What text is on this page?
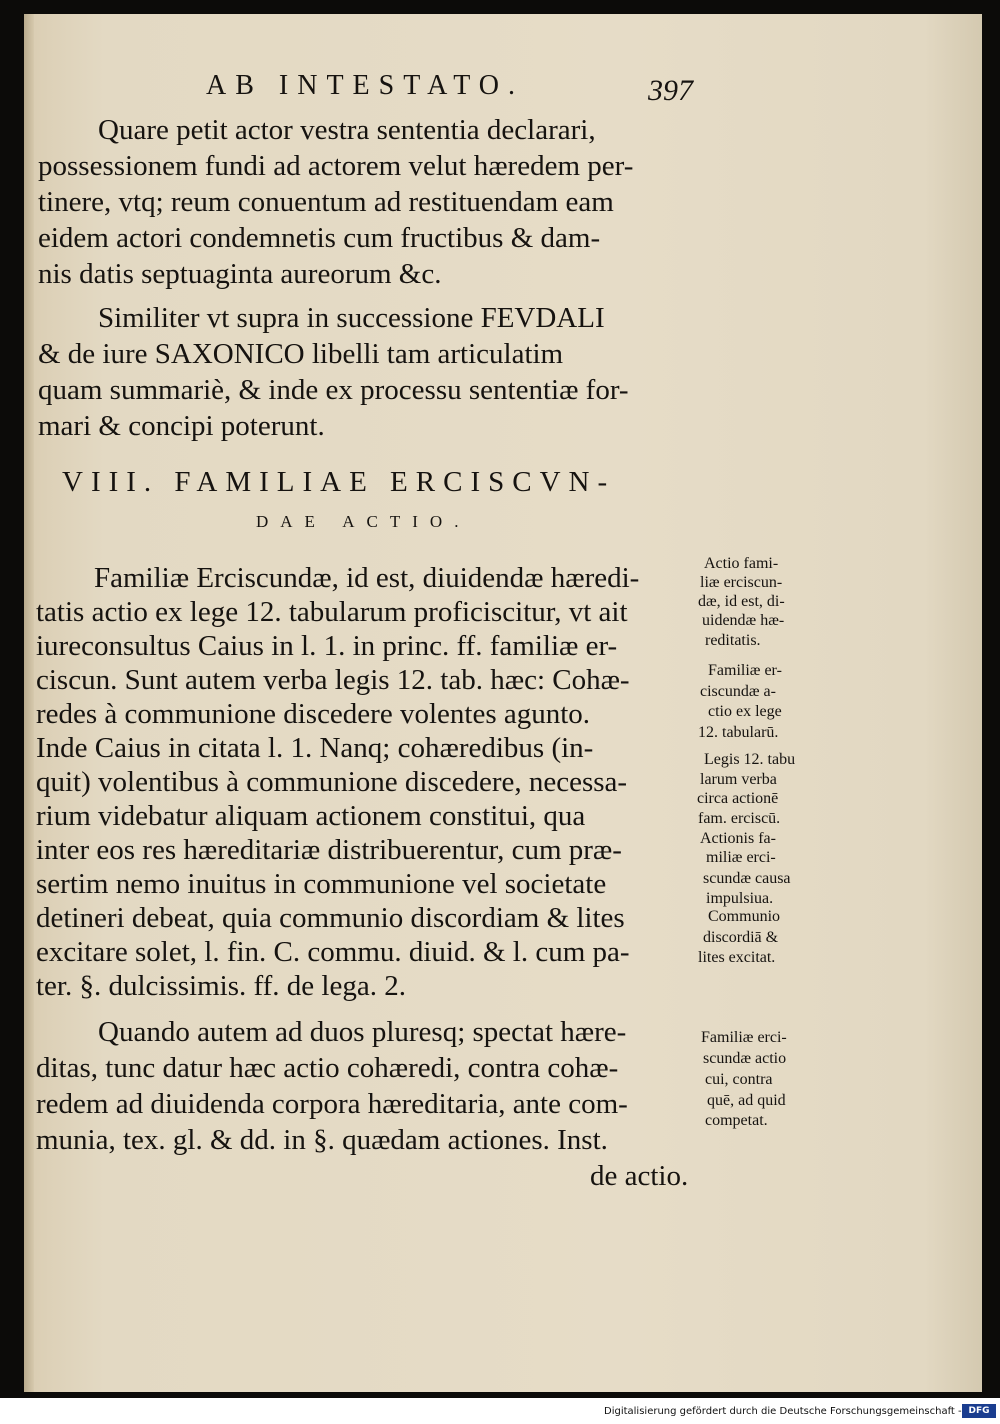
AB INTESTATO.	397
Quare petit actor vestra sententia declarari,
possessionem fundi ad actorem velut hæredem per-
tinere, vtq; reum conuentum ad restituendam eam
eidem actori condemnetis cum fructibus & dam-
nis datis septuaginta aureorum &c.
Similiter vt supra in successione FEVDALI
& de iure SAXONICO libelli tam articulatim
quam summariè, & inde ex processu sententiæ for-
mari & concipi poterunt.
VIII. FAMILIAE ERCISCVN-
DAE ACTIO.
Familiæ Erciscundæ, id est, diuidendæ hæredi-
tatis actio ex lege 12. tabularum proficiscitur, vt ait
iureconsultus Caius in l. 1. in princ. ff. familiæ er-
ciscun. Sunt autem verba legis 12. tab. hæc: Cohæ-
redes à communione discedere volentes agunto.
Inde Caius in citata l. 1. Nanq; cohæredibus (in-
quit) volentibus à communione discedere, necessa-
rium videbatur aliquam actionem constitui, qua
inter eos res hæreditariæ distribuerentur, cum præ-
sertim nemo inuitus in communione vel societate
detineri debeat, quia communio discordiam & lites
excitare solet, l. fin. C. commu. diuid. & l. cum pa-
ter. §. dulcissimis. ff. de lega. 2.
Quando autem ad duos pluresq; spectat hære-
ditas, tunc datur hæc actio cohæredi, contra cohæ-
redem ad diuidenda corpora hæreditaria, ante com-
munia, tex. gl. & dd. in §. quædam actiones. Inst.
de actio.
Actio fami-
liæ erciscun-
dæ, id est, di-
uidendæ hæ-
reditatis.
Familiæ er-
ciscundæ a-
ctio ex lege
12. tabularū.
Legis 12. tabu
larum verba
circa actionē
fam. erciscū.
Actionis fa-
miliæ erci-
scundæ causa
impulsiua.
Communio
discordiā &
lites excitat.
Familiæ erci-
scundæ actio
cui, contra
quē, ad quid
competat.
Digitalisierung gefördert durch die Deutsche Forschungsgemeinschaft - DFG
